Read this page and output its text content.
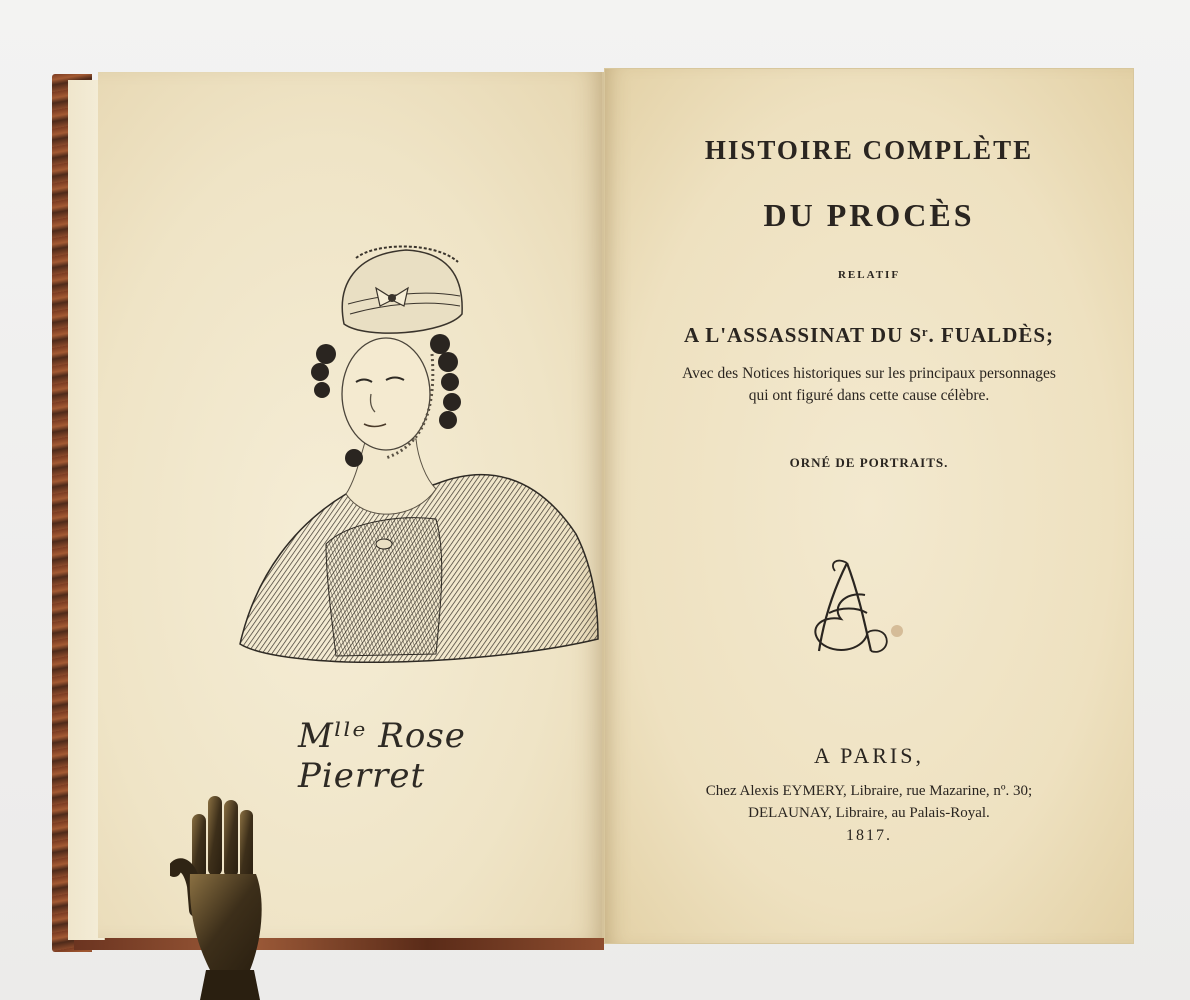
Mˡˡᵉ Rose Pierret
HISTOIRE COMPLÈTE
DU PROCÈS
RELATIF
A L'ASSASSINAT DU Sʳ. FUALDÈS;
Avec des Notices historiques sur les principaux personnages
qui ont figuré dans cette cause célèbre.
ORNÉ DE PORTRAITS.
A PARIS,
Chez Alexis EYMERY, Libraire, rue Mazarine, nº. 30;
DELAUNAY, Libraire, au Palais-Royal.
1817.
